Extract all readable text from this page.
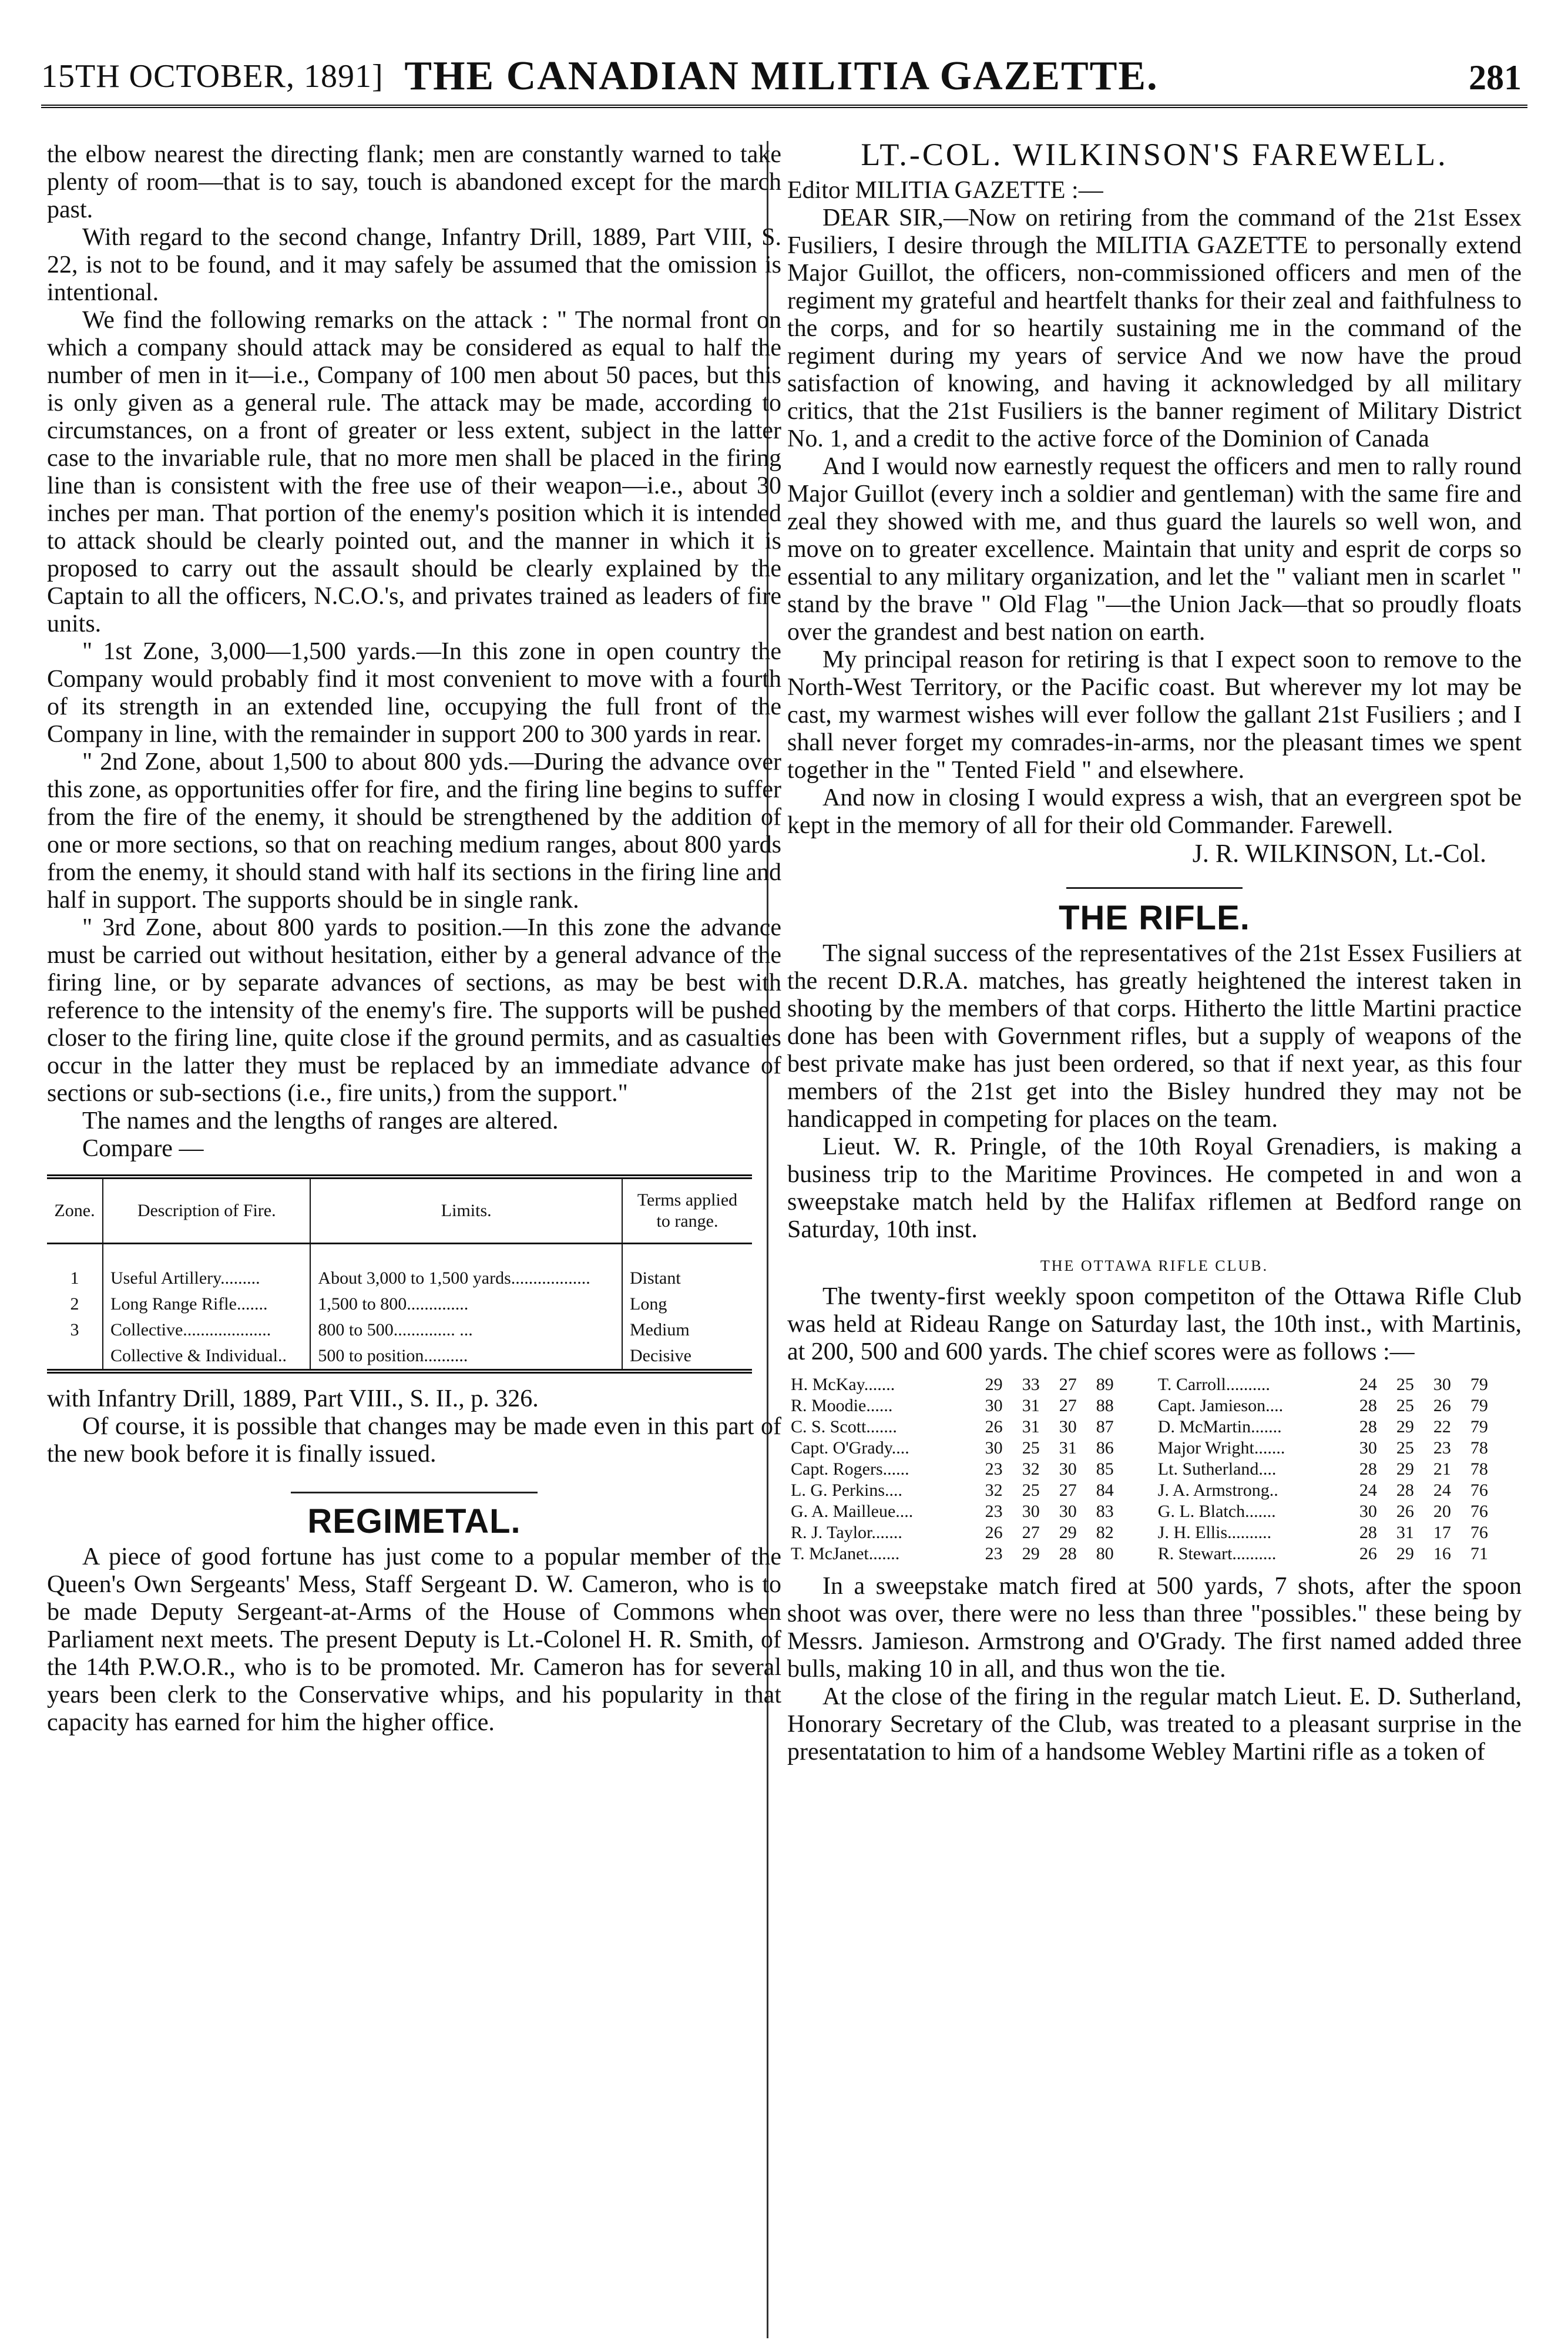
15TH OCTOBER, 1891] THE CANADIAN MILITIA GAZETTE.	281

the elbow nearest the directing flank; men are constantly warned to take plenty of room—that is to say, touch is abandoned except for the march past.

With regard to the second change, Infantry Drill, 1889, Part VIII, S. 22, is not to be found, and it may safely be assumed that the omission is intentional.

We find the following remarks on the attack : " The normal front on which a company should attack may be considered as equal to half the number of men in it—i.e., Company of 100 men about 50 paces, but this is only given as a general rule. The attack may be made, according to circumstances, on a front of greater or less extent, subject in the latter case to the invariable rule, that no more men shall be placed in the firing line than is consistent with the free use of their weapon—i.e., about 30 inches per man. That portion of the enemy's position which it is intended to attack should be clearly pointed out, and the manner in which it is proposed to carry out the assault should be clearly explained by the Captain to all the officers, N.C.O.'s, and privates trained as leaders of fire units.

" 1st Zone, 3,000—1,500 yards.—In this zone in open country the Company would probably find it most convenient to move with a fourth of its strength in an extended line, occupying the full front of the Company in line, with the remainder in support 200 to 300 yards in rear.

" 2nd Zone, about 1,500 to about 800 yds.—During the advance over this zone, as opportunities offer for fire, and the firing line begins to suffer from the fire of the enemy, it should be strengthened by the addition of one or more sections, so that on reaching medium ranges, about 800 yards from the enemy, it should stand with half its sections in the firing line and half in support. The supports should be in single rank.

" 3rd Zone, about 800 yards to position.—In this zone the advance must be carried out without hesitation, either by a general advance of the firing line, or by separate advances of sections, as may be best with reference to the intensity of the enemy's fire. The supports will be pushed closer to the firing line, quite close if the ground permits, and as casualties occur in the latter they must be replaced by an immediate advance of sections or sub-sections (i.e., fire units,) from the support."

The names and the lengths of ranges are altered.

Compare —

Zone.	Description of Fire.	Limits.	Terms applied to range.
1	Useful Artillery.........	About 3,000 to 1,500 yards..................	Distant
2	Long Range Rifle.......	1,500 to 800..............	Long
3	Collective....................	800 to 500.............. ...	Medium
	Collective & Individual..	500 to position..........	Decisive

with Infantry Drill, 1889, Part VIII., S. II., p. 326.

Of course, it is possible that changes may be made even in this part of the new book before it is finally issued.

REGIMETAL.

A piece of good fortune has just come to a popular member of the Queen's Own Sergeants' Mess, Staff Sergeant D. W. Cameron, who is to be made Deputy Sergeant-at-Arms of the House of Commons when Parliament next meets. The present Deputy is Lt.-Colonel H. R. Smith, of the 14th P.W.O.R., who is to be promoted. Mr. Cameron has for several years been clerk to the Conservative whips, and his popularity in that capacity has earned for him the higher office.

LT.-COL. WILKINSON'S FAREWELL.

Editor MILITIA GAZETTE :—

DEAR SIR,—Now on retiring from the command of the 21st Essex Fusiliers, I desire through the MILITIA GAZETTE to personally extend Major Guillot, the officers, non-commissioned officers and men of the regiment my grateful and heartfelt thanks for their zeal and faithfulness to the corps, and for so heartily sustaining me in the command of the regiment during my years of service And we now have the proud satisfaction of knowing, and having it acknowledged by all military critics, that the 21st Fusiliers is the banner regiment of Military District No. 1, and a credit to the active force of the Dominion of Canada

And I would now earnestly request the officers and men to rally round Major Guillot (every inch a soldier and gentleman) with the same fire and zeal they showed with me, and thus guard the laurels so well won, and move on to greater excellence. Maintain that unity and esprit de corps so essential to any military organization, and let the " valiant men in scarlet " stand by the brave " Old Flag "—the Union Jack—that so proudly floats over the grandest and best nation on earth.

My principal reason for retiring is that I expect soon to remove to the North-West Territory, or the Pacific coast. But wherever my lot may be cast, my warmest wishes will ever follow the gallant 21st Fusiliers ; and I shall never forget my comrades-in-arms, nor the pleasant times we spent together in the " Tented Field " and elsewhere.

And now in closing I would express a wish, that an evergreen spot be kept in the memory of all for their old Commander. Farewell.

J. R. WILKINSON, Lt.-Col.
THE RIFLE.

The signal success of the representatives of the 21st Essex Fusiliers at the recent D.R.A. matches, has greatly heightened the interest taken in shooting by the members of that corps. Hitherto the little Martini practice done has been with Government rifles, but a supply of weapons of the best private make has just been ordered, so that if next year, as this four members of the 21st get into the Bisley hundred they may not be handicapped in competing for places on the team.

Lieut. W. R. Pringle, of the 10th Royal Grenadiers, is making a business trip to the Maritime Provinces. He competed in and won a sweepstake match held by the Halifax riflemen at Bedford range on Saturday, 10th inst.

THE OTTAWA RIFLE CLUB.

The twenty-first weekly spoon competiton of the Ottawa Rifle Club was held at Rideau Range on Saturday last, the 10th inst., with Martinis, at 200, 500 and 600 yards. The chief scores were as follows :—

H. McKay.......	29	33	27	89		T. Carroll..........	24	25	30	79
R. Moodie......	30	31	27	88		Capt. Jamieson....	28	25	26	79
C. S. Scott.......	26	31	30	87		D. McMartin.......	28	29	22	79
Capt. O'Grady....	30	25	31	86		Major Wright.......	30	25	23	78
Capt. Rogers......	23	32	30	85		Lt. Sutherland....	28	29	21	78
L. G. Perkins....	32	25	27	84		J. A. Armstrong..	24	28	24	76
G. A. Mailleue....	23	30	30	83		G. L. Blatch.......	30	26	20	76
R. J. Taylor.......	26	27	29	82		J. H. Ellis..........	28	31	17	76
T. McJanet.......	23	29	28	80		R. Stewart..........	26	29	16	71

In a sweepstake match fired at 500 yards, 7 shots, after the spoon shoot was over, there were no less than three "possibles." these being by Messrs. Jamieson. Armstrong and O'Grady. The first named added three bulls, making 10 in all, and thus won the tie.

At the close of the firing in the regular match Lieut. E. D. Sutherland, Honorary Secretary of the Club, was treated to a pleasant surprise in the presentatation to him of a handsome Webley Martini rifle as a token of
